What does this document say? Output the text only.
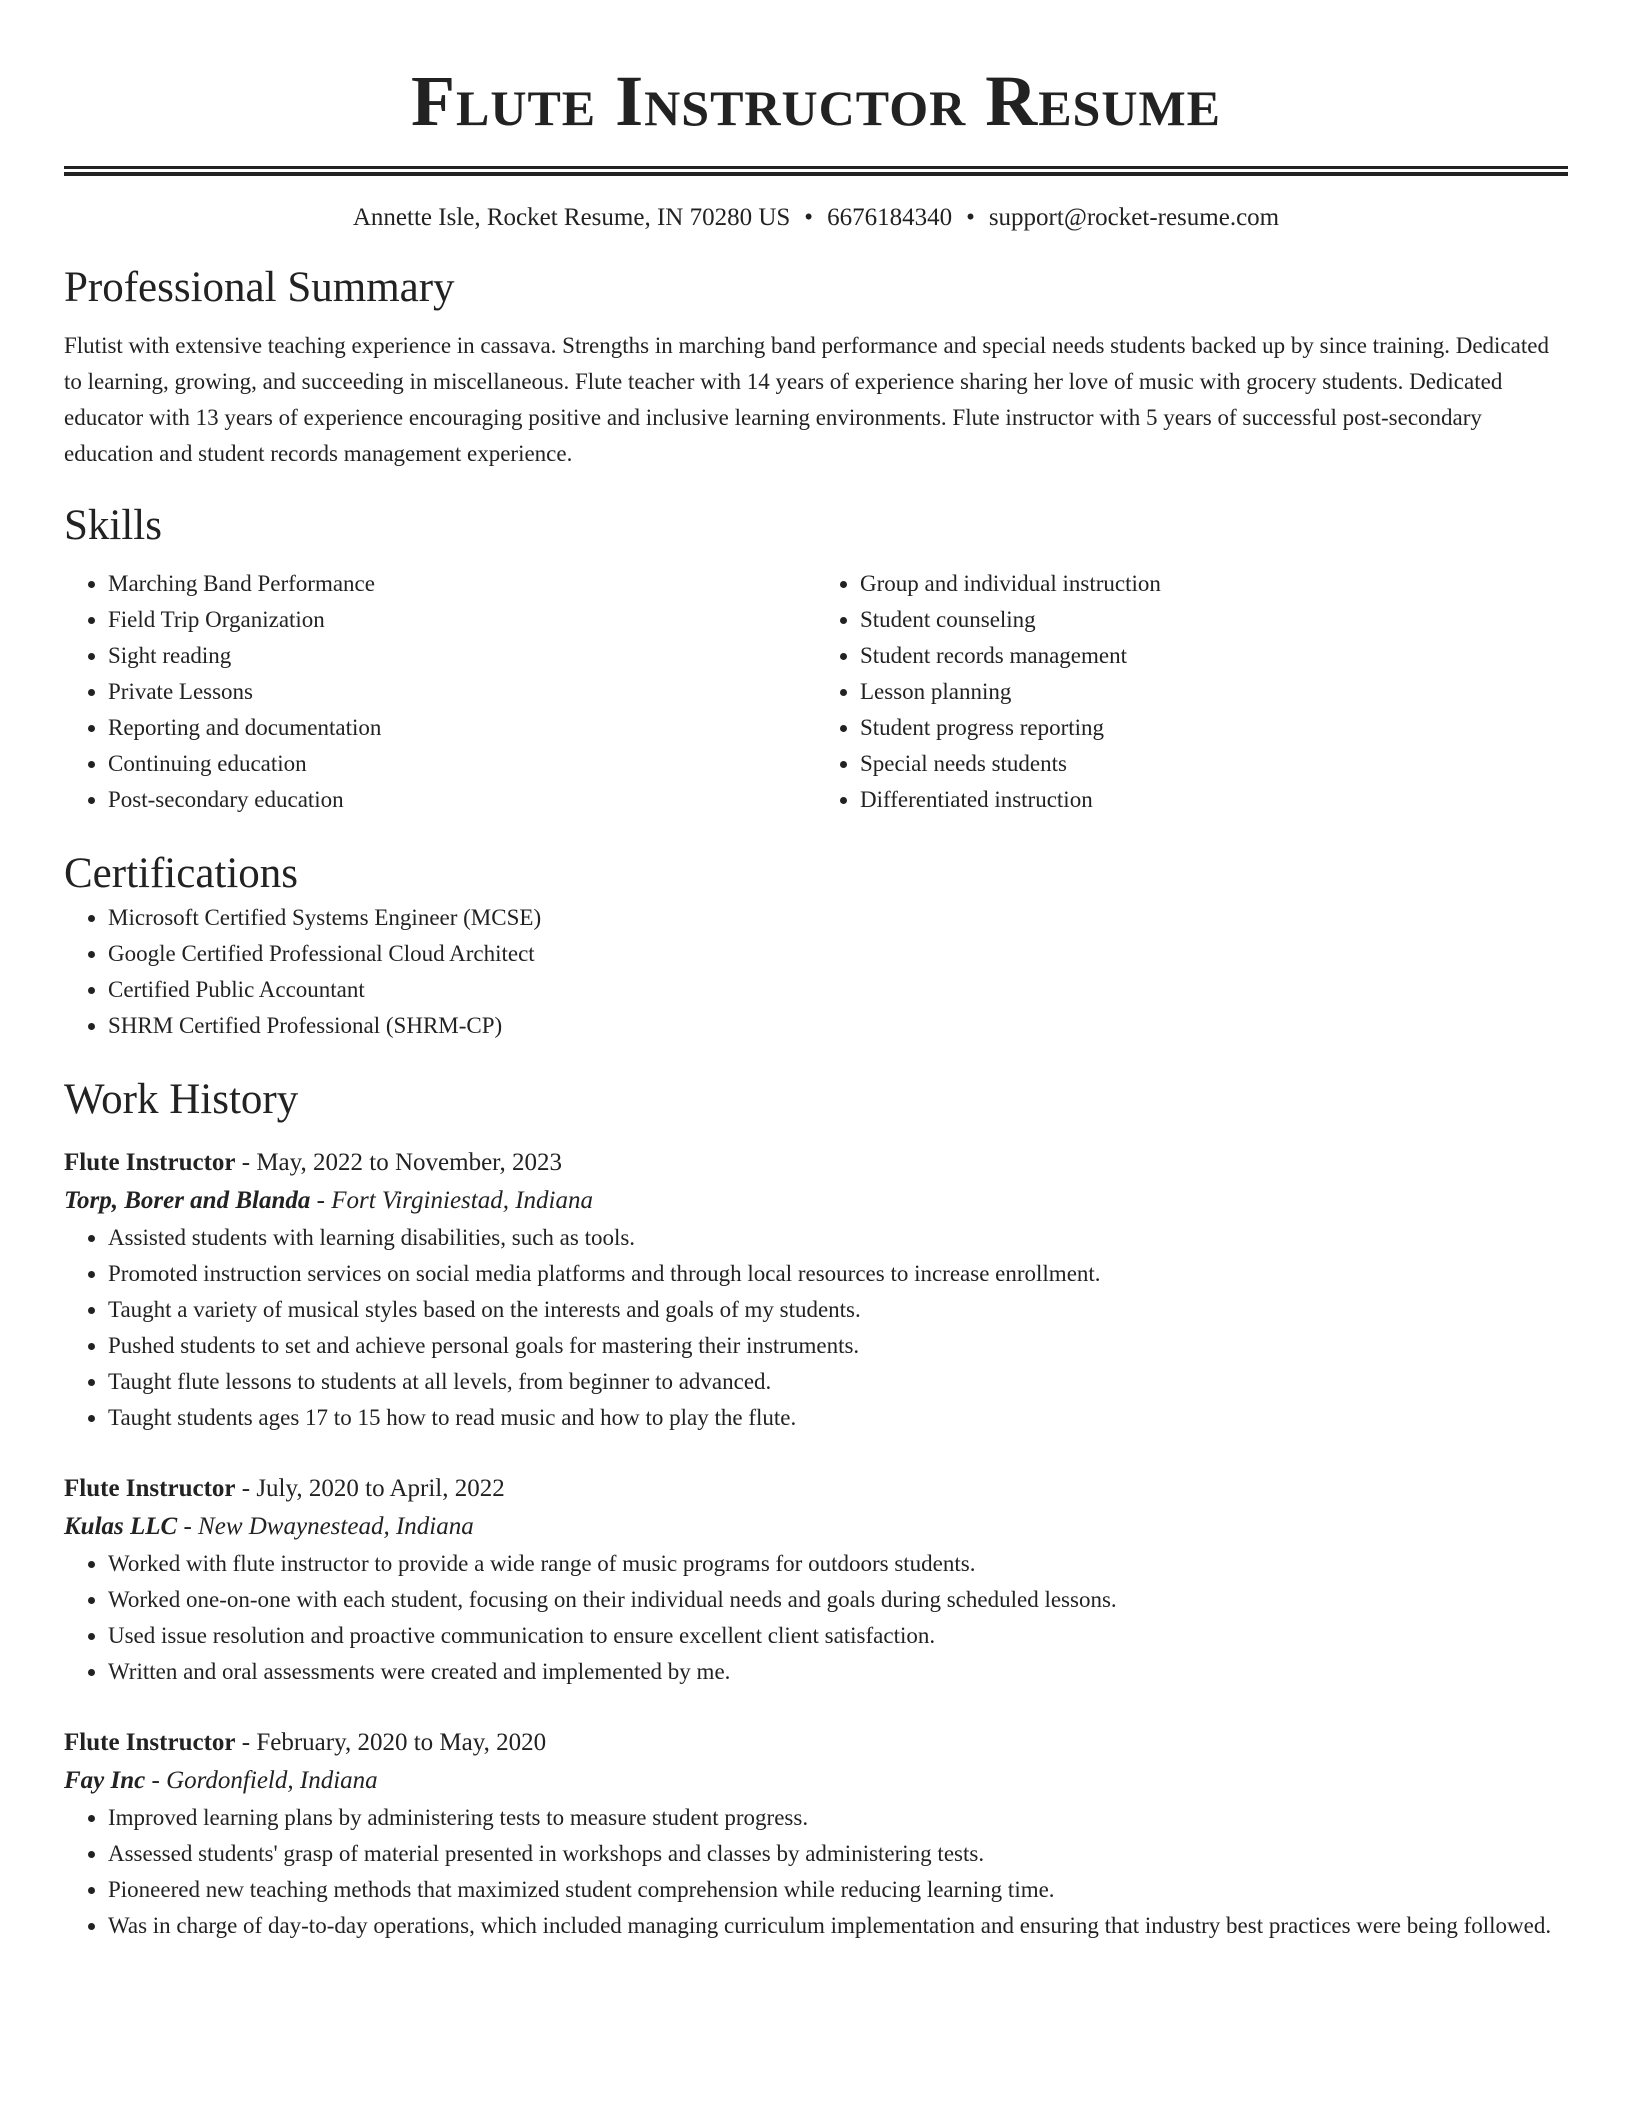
Flute Instructor Resume
Annette Isle, Rocket Resume, IN 70280 US • 6676184340 • support@rocket-resume.com
Professional Summary

Flutist with extensive teaching experience in cassava. Strengths in marching band performance and special needs students backed up by since training. Dedicated to learning, growing, and succeeding in miscellaneous. Flute teacher with 14 years of experience sharing her love of music with grocery students. Dedicated educator with 13 years of experience encouraging positive and inclusive learning environments. Flute instructor with 5 years of successful post-secondary education and student records management experience.

Skills
• Marching Band Performance
• Field Trip Organization
• Sight reading
• Private Lessons
• Reporting and documentation
• Continuing education
• Post-secondary education
• Group and individual instruction
• Student counseling
• Student records management
• Lesson planning
• Student progress reporting
• Special needs students
• Differentiated instruction
Certifications
• Microsoft Certified Systems Engineer (MCSE)
• Google Certified Professional Cloud Architect
• Certified Public Accountant
• SHRM Certified Professional (SHRM-CP)
Work History
Flute Instructor - May, 2022 to November, 2023
Torp, Borer and Blanda - Fort Virginiestad, Indiana
• Assisted students with learning disabilities, such as tools.
• Promoted instruction services on social media platforms and through local resources to increase enrollment.
• Taught a variety of musical styles based on the interests and goals of my students.
• Pushed students to set and achieve personal goals for mastering their instruments.
• Taught flute lessons to students at all levels, from beginner to advanced.
• Taught students ages 17 to 15 how to read music and how to play the flute.
Flute Instructor - July, 2020 to April, 2022
Kulas LLC - New Dwaynestead, Indiana
• Worked with flute instructor to provide a wide range of music programs for outdoors students.
• Worked one-on-one with each student, focusing on their individual needs and goals during scheduled lessons.
• Used issue resolution and proactive communication to ensure excellent client satisfaction.
• Written and oral assessments were created and implemented by me.
Flute Instructor - February, 2020 to May, 2020
Fay Inc - Gordonfield, Indiana
• Improved learning plans by administering tests to measure student progress.
• Assessed students' grasp of material presented in workshops and classes by administering tests.
• Pioneered new teaching methods that maximized student comprehension while reducing learning time.
• Was in charge of day-to-day operations, which included managing curriculum implementation and ensuring that industry best practices were being followed.
